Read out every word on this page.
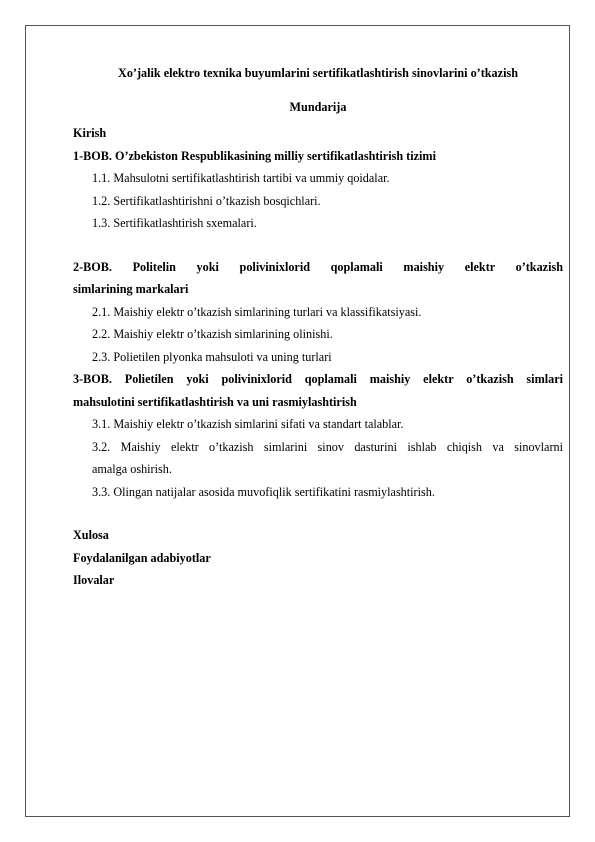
Xo’jalik elektro texnika buyumlarini sertifikatlashtirish sinovlarini o’tkazish

Mundarija

Kirish
1-BOB. O’zbekiston Respublikasining milliy sertifikatlashtirish tizimi
1.1. Mahsulotni sertifikatlashtirish tartibi va ummiy qoidalar.
1.2. Sertifikatlashtirishni o’tkazish bosqichlari.
1.3. Sertifikatlashtirish sxemalari.
2-BOB. Politelin yoki polivinixlorid qoplamali maishiy elektr o’tkazish
simlarining markalari
2.1. Maishiy elektr o’tkazish simlarining turlari va klassifikatsiyasi.
2.2. Maishiy elektr o’tkazish simlarining olinishi.
2.3. Polietilen plyonka mahsuloti va uning turlari
3-BOB. Polietilen yoki polivinixlorid qoplamali maishiy elektr o’tkazish simlari
mahsulotini sertifikatlashtirish va uni rasmiylashtirish
3.1. Maishiy elektr o’tkazish simlarini sifati va standart talablar.
3.2. Maishiy elektr o’tkazish simlarini sinov dasturini ishlab chiqish va sinovlarni
amalga oshirish.
3.3. Olingan natijalar asosida muvofiqlik sertifikatini rasmiylashtirish.
Xulosa
Foydalanilgan adabiyotlar
Ilovalar
